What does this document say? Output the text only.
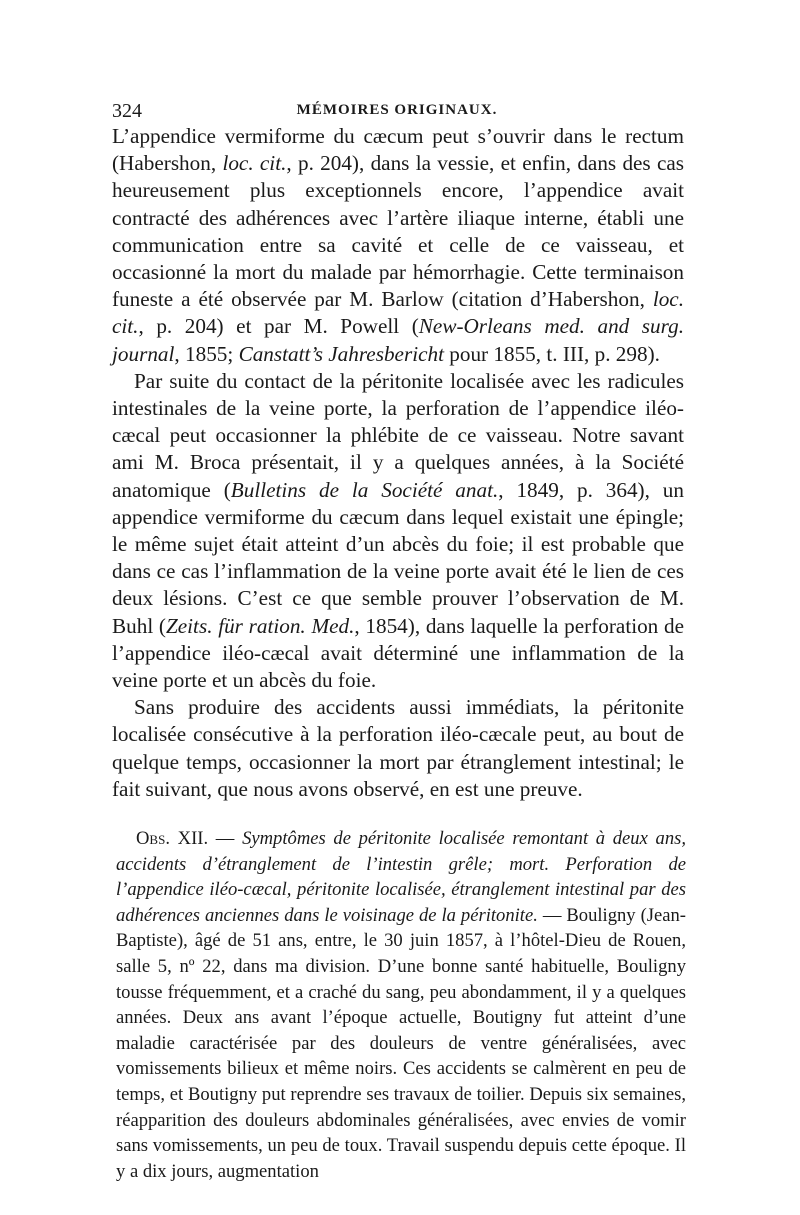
324	MÉMOIRES ORIGINAUX.

L’appendice vermiforme du cæcum peut s’ouvrir dans le rectum (Habershon, loc. cit., p. 204), dans la vessie, et enfin, dans des cas heureusement plus exceptionnels encore, l’appendice avait contracté des adhérences avec l’artère iliaque interne, établi une communication entre sa cavité et celle de ce vaisseau, et occasionné la mort du malade par hémorrhagie. Cette terminaison funeste a été observée par M. Barlow (citation d’Habershon, loc. cit., p. 204) et par M. Powell (New-Orleans med. and surg. journal, 1855; Canstatt’s Jahresbericht pour 1855, t. III, p. 298).

Par suite du contact de la péritonite localisée avec les radicules intestinales de la veine porte, la perforation de l’appendice iléo-cæcal peut occasionner la phlébite de ce vaisseau. Notre savant ami M. Broca présentait, il y a quelques années, à la Société anatomique (Bulletins de la Société anat., 1849, p. 364), un appendice vermiforme du cæcum dans lequel existait une épingle; le même sujet était atteint d’un abcès du foie; il est probable que dans ce cas l’inflammation de la veine porte avait été le lien de ces deux lésions. C’est ce que semble prouver l’observation de M. Buhl (Zeits. für ration. Med., 1854), dans laquelle la perforation de l’appendice iléo-cæcal avait déterminé une inflammation de la veine porte et un abcès du foie.

Sans produire des accidents aussi immédiats, la péritonite localisée consécutive à la perforation iléo-cæcale peut, au bout de quelque temps, occasionner la mort par étranglement intestinal; le fait suivant, que nous avons observé, en est une preuve.

Obs. XII. — Symptômes de péritonite localisée remontant à deux ans, accidents d’étranglement de l’intestin grêle; mort. Perforation de l’appendice iléo-cæcal, péritonite localisée, étranglement intestinal par des adhérences anciennes dans le voisinage de la péritonite. — Bouligny (Jean-Baptiste), âgé de 51 ans, entre, le 30 juin 1857, à l’hôtel-Dieu de Rouen, salle 5, nº 22, dans ma division. D’une bonne santé habituelle, Bouligny tousse fréquemment, et a craché du sang, peu abondamment, il y a quelques années. Deux ans avant l’époque actuelle, Boutigny fut atteint d’une maladie caractérisée par des douleurs de ventre généralisées, avec vomissements bilieux et même noirs. Ces accidents se calmèrent en peu de temps, et Boutigny put reprendre ses travaux de toilier. Depuis six semaines, réapparition des douleurs abdominales généralisées, avec envies de vomir sans vomissements, un peu de toux. Travail suspendu depuis cette époque. Il y a dix jours, augmentation
